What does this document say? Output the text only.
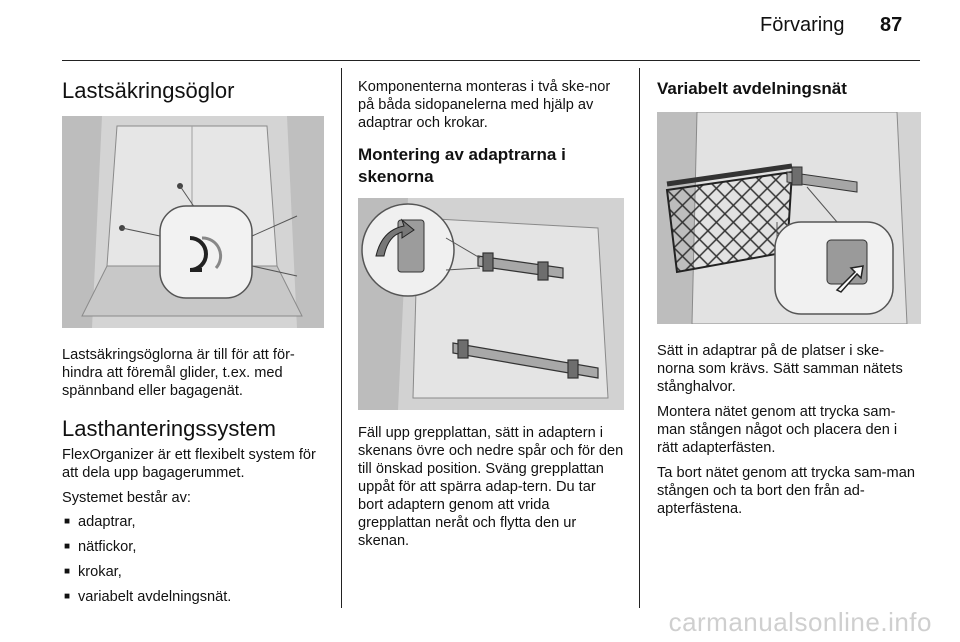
Förvaring 87
Lastsäkringsöglor

Lastsäkringsöglorna är till för att för-hindra att föremål glider, t.ex. med spännband eller bagagenät.

Lasthanteringssystem

FlexOrganizer är ett flexibelt system för att dela upp bagagerummet.

Systemet består av:

■ adaptrar,
■ nätfickor,
■ krokar,
■ variabelt avdelningsnät.

Komponenterna monteras i två ske-nor på båda sidopanelerna med hjälp av adaptrar och krokar.

Montering av adaptrarna i skenorna

Fäll upp grepplattan, sätt in adaptern i skenans övre och nedre spår och för den till önskad position. Sväng grepplattan uppåt för att spärra adap-tern. Du tar bort adaptern genom att vrida grepplattan neråt och flytta den ur skenan.

Variabelt avdelningsnät

Sätt in adaptrar på de platser i ske-norna som krävs. Sätt samman nätets stånghalvor.

Montera nätet genom att trycka sam-man stången något och placera den i rätt adapterfästen.

Ta bort nätet genom att trycka sam-man stången och ta bort den från ad-apterfästena.

carmanualsonline.info
